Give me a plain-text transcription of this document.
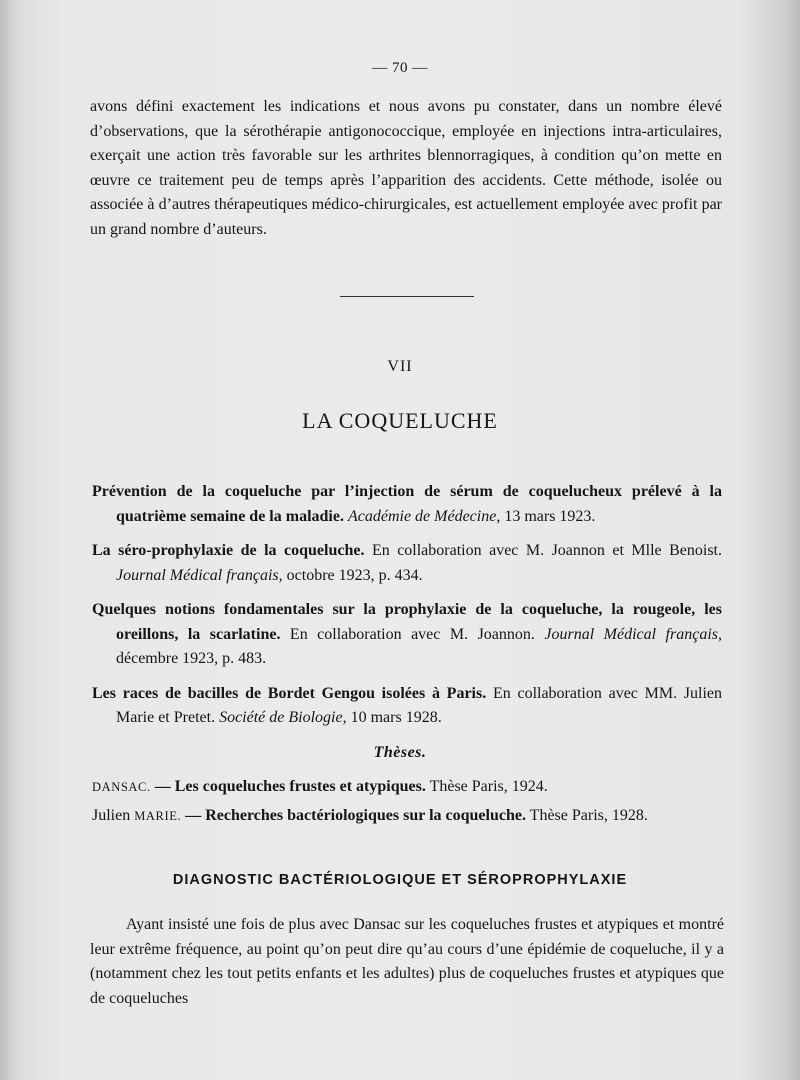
— 70 —
avons défini exactement les indications et nous avons pu constater, dans un nombre élevé d’observations, que la sérothérapie antigonococcique, employée en injections intra-articulaires, exerçait une action très favorable sur les arthrites blennorragiques, à condition qu’on mette en œuvre ce traitement peu de temps après l’apparition des accidents. Cette méthode, isolée ou associée à d’autres thérapeutiques médico-chirurgicales, est actuellement employée avec profit par un grand nombre d’auteurs.
VII
LA COQUELUCHE

Prévention de la coqueluche par l’injection de sérum de coquelucheux prélevé à la quatrième semaine de la maladie. Académie de Médecine, 13 mars 1923.

La séro-prophylaxie de la coqueluche. En collaboration avec M. Joannon et Mlle Benoist. Journal Médical français, octobre 1923, p. 434.

Quelques notions fondamentales sur la prophylaxie de la coqueluche, la rougeole, les oreillons, la scarlatine. En collaboration avec M. Joannon. Journal Médical français, décembre 1923, p. 483.

Les races de bacilles de Bordet Gengou isolées à Paris. En collaboration avec MM. Julien Marie et Pretet. Société de Biologie, 10 mars 1928.

Thèses.

DANSAC. — Les coqueluches frustes et atypiques. Thèse Paris, 1924.

Julien MARIE. — Recherches bactériologiques sur la coqueluche. Thèse Paris, 1928.

DIAGNOSTIC BACTÉRIOLOGIQUE ET SÉROPROPHYLAXIE
Ayant insisté une fois de plus avec Dansac sur les coqueluches frustes et atypiques et montré leur extrême fréquence, au point qu’on peut dire qu’au cours d’une épidémie de coqueluche, il y a (notamment chez les tout petits enfants et les adultes) plus de coqueluches frustes et atypiques que de coqueluches
